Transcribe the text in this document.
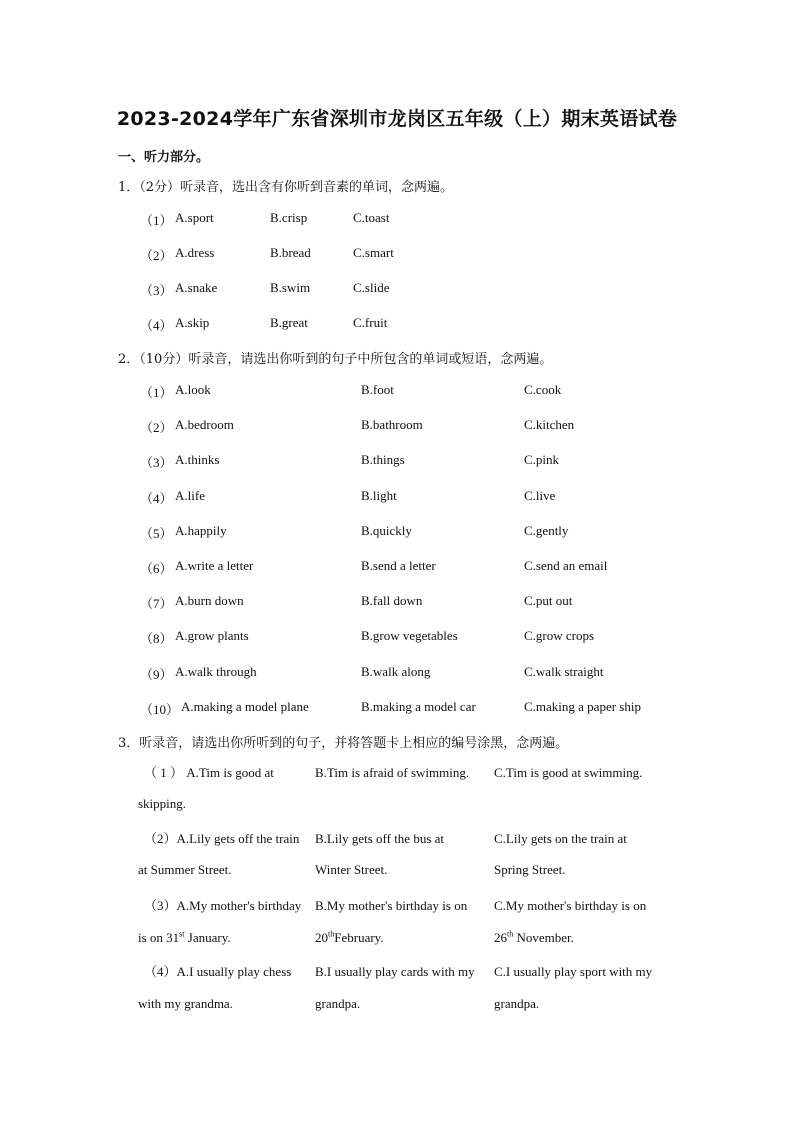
2023-2024学年广东省深圳市龙岗区五年级（上）期末英语试卷
一、听力部分。
1．（2分）听录音，选出含有你听到音素的单词，念两遍。
（1） A.sport	B.crisp	C.toast
（2） A.dress	B.bread	C.smart
（3） A.snake	B.swim	C.slide
（4） A.skip	B.great	C.fruit
2．（10分）听录音，请选出你听到的句子中所包含的单词或短语，念两遍。
（1） A.look	B.foot	C.cook
（2） A.bedroom	B.bathroom	C.kitchen
（3） A.thinks	B.things	C.pink
（4） A.life	B.light	C.live
（5） A.happily	B.quickly	C.gently
（6） A.write a letter	B.send a letter	C.send an email
（7） A.burn down	B.fall down	C.put out
（8） A.grow plants	B.grow vegetables	C.grow crops
（9） A.walk through	B.walk along	C.walk straight
（10） A.making a model plane	B.making a model car	C.making a paper ship
3．听录音，请选出你所听到的句子，并将答题卡上相应的编号涂黑，念两遍。
（ 1 ） A.Tim is good at
skipping.
B.Tim is afraid of swimming. C.Tim is good at swimming.
（2）A.Lily gets off the train
at Summer Street.
B.Lily gets off the bus at
Winter Street.
C.Lily gets on the train at
Spring Street.
（3）A.My mother's birthday
is on 31st January.
B.My mother's birthday is on
20thFebruary.
C.My mother's birthday is on
26th November.
（4）A.I usually play chess
with my grandma.
B.I usually play cards with my
grandpa.
C.I usually play sport with my
grandpa.
